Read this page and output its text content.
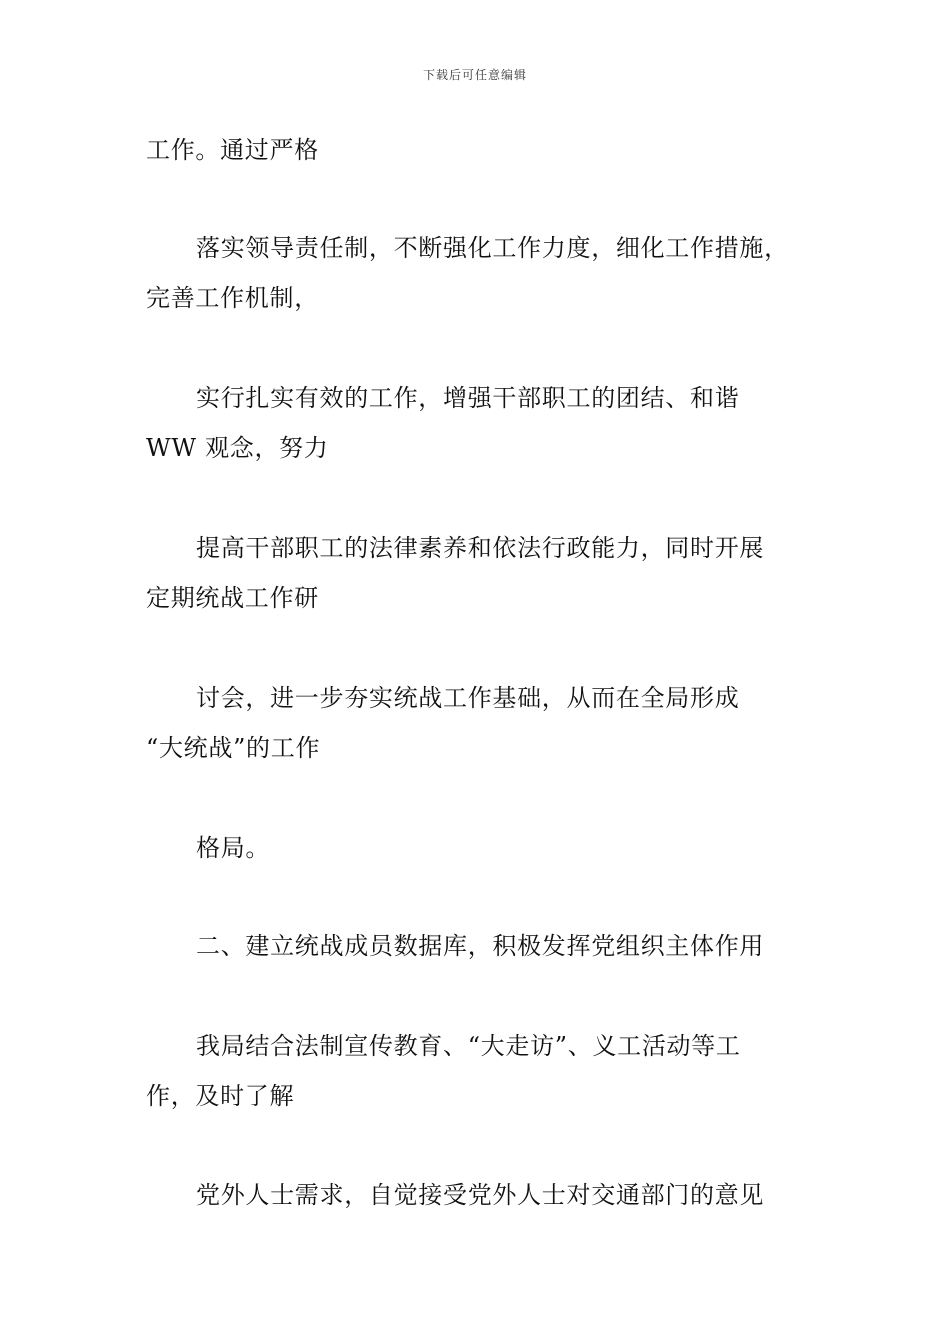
下载后可任意编辑
工作。通过严格
落实领导责任制，不断强化工作力度，细化工作措施，
完善工作机制，
实行扎实有效的工作，增强干部职工的团结、和谐
WW 观念，努力
提高干部职工的法律素养和依法行政能力，同时开展
定期统战工作研
讨会，进一步夯实统战工作基础，从而在全局形成
“大统战”的工作
格局。
二、建立统战成员数据库，积极发挥党组织主体作用
我局结合法制宣传教育、“大走访”、义工活动等工
作，及时了解
党外人士需求，自觉接受党外人士对交通部门的意见
